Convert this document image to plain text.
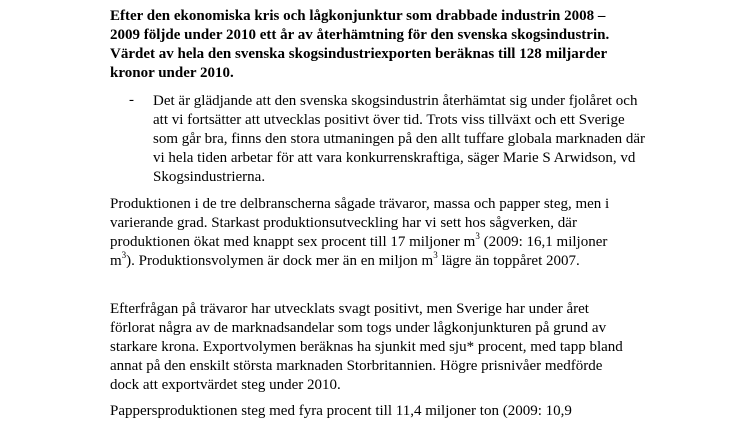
Efter den ekonomiska kris och lågkonjunktur som drabbade industrin 2008 – 2009 följde under 2010 ett år av återhämtning för den svenska skogsindustrin. Värdet av hela den svenska skogsindustriexporten beräknas till 128 miljarder kronor under 2010.

- Det är glädjande att den svenska skogsindustrin återhämtat sig under fjolåret och att vi fortsätter att utvecklas positivt över tid. Trots viss tillväxt och ett Sverige som går bra, finns den stora utmaningen på den allt tuffare globala marknaden där vi hela tiden arbetar för att vara konkurrenskraftiga, säger Marie S Arwidson, vd Skogsindustrierna.

Produktionen i de tre delbranscherna sågade trävaror, massa och papper steg, men i varierande grad. Starkast produktionsutveckling har vi sett hos sågverken, där produktionen ökat med knappt sex procent till 17 miljoner $m^3$ (2009: 16,1 miljoner $m^3$). Produktionsvolymen är dock mer än en miljon $m^3$ lägre än toppåret 2007.

Efterfrågan på trävaror har utvecklats svagt positivt, men Sverige har under året förlorat några av de marknadsandelar som togs under lågkonjunkturen på grund av starkare krona. Exportvolymen beräknas ha sjunkit med sju* procent, med tapp bland annat på den enskilt största marknaden Storbritannien. Högre prisnivåer medförde dock att exportvärdet steg under 2010.

Pappersproduktionen steg med fyra procent till 11,4 miljoner ton (2009: 10,9
